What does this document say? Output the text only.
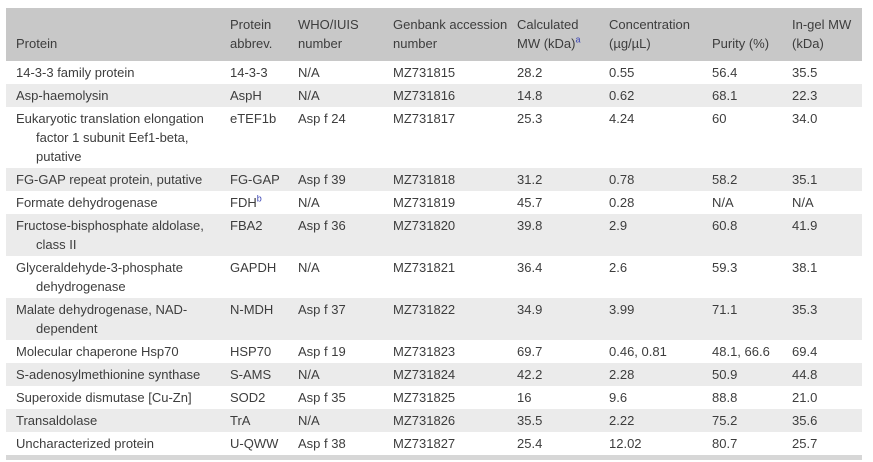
Protein	Protein abbrev.	WHO/IUIS number	Genbank accession number	Calculated MW (kDa)$^a$	Concentration (µg/µL)	Purity (%)	In-gel MW (kDa)
14-3-3 family protein	14-3-3	N/A	MZ731815	28.2	0.55	56.4	35.5
Asp-haemolysin	AspH	N/A	MZ731816	14.8	0.62	68.1	22.3
Eukaryotic translation elongation factor 1 subunit Eef1-beta, putative	eTEF1b	Asp f 24	MZ731817	25.3	4.24	60	34.0
FG-GAP repeat protein, putative	FG-GAP	Asp f 39	MZ731818	31.2	0.78	58.2	35.1
Formate dehydrogenase	FDH$^b$	N/A	MZ731819	45.7	0.28	N/A	N/A
Fructose-bisphosphate aldolase, class II	FBA2	Asp f 36	MZ731820	39.8	2.9	60.8	41.9
Glyceraldehyde-3-phosphate dehydrogenase	GAPDH	N/A	MZ731821	36.4	2.6	59.3	38.1
Malate dehydrogenase, NAD-dependent	N-MDH	Asp f 37	MZ731822	34.9	3.99	71.1	35.3
Molecular chaperone Hsp70	HSP70	Asp f 19	MZ731823	69.7	0.46, 0.81	48.1, 66.6	69.4
S-adenosylmethionine synthase	S-AMS	N/A	MZ731824	42.2	2.28	50.9	44.8
Superoxide dismutase [Cu-Zn]	SOD2	Asp f 35	MZ731825	16	9.6	88.8	21.0
Transaldolase	TrA	N/A	MZ731826	35.5	2.22	75.2	35.6
Uncharacterized protein	U-QWW	Asp f 38	MZ731827	25.4	12.02	80.7	25.7
